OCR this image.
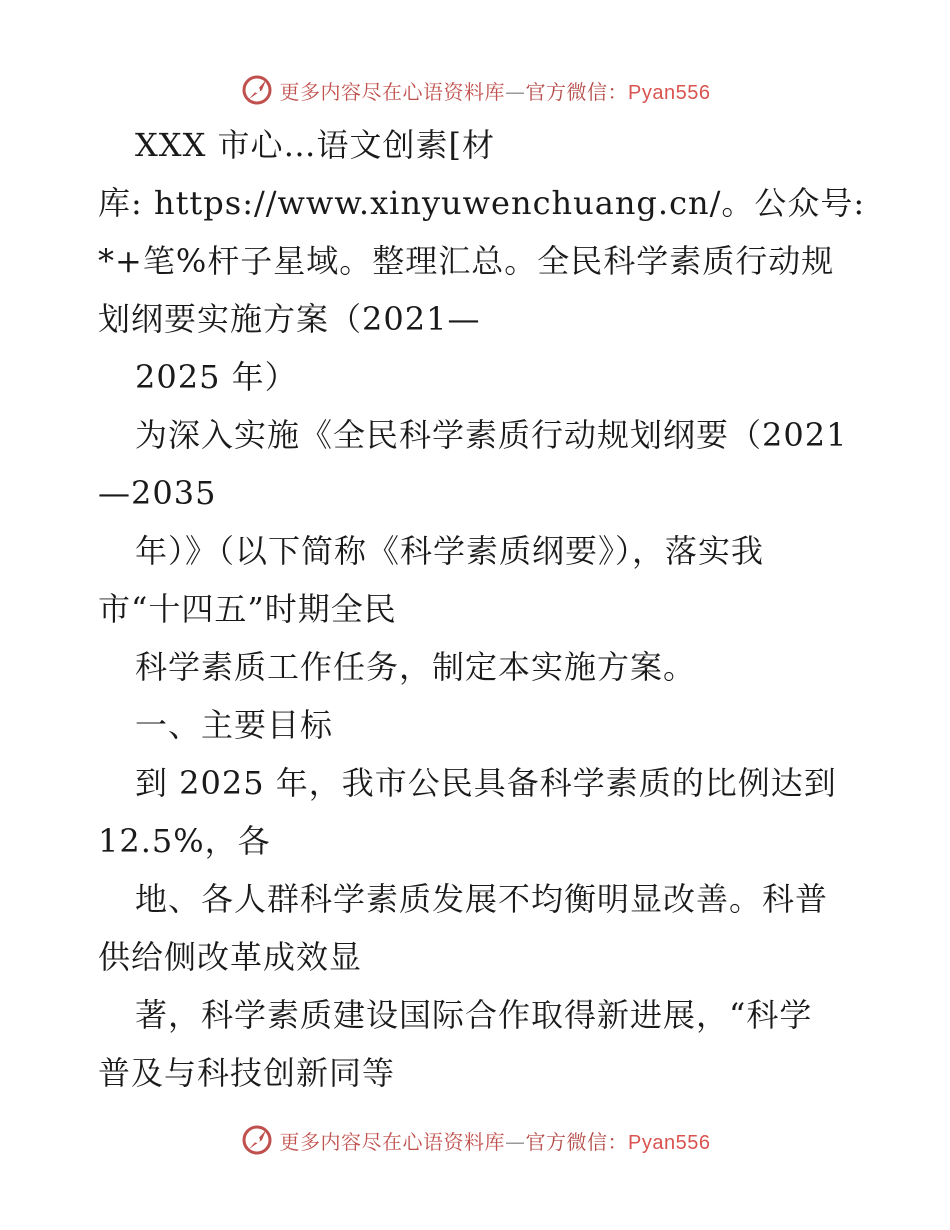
更多内容尽在心语资料库—官方微信：Pyan556

XXX 市心…语文创素[材

库: https://www.xinyuwenchuang.cn/。公众号:

*+笔%杆子星域。整理汇总。全民科学素质行动规

划纲要实施方案（2021—

2025 年）

为深入实施《全民科学素质行动规划纲要（2021

—2035

年）》（以下简称《科学素质纲要》），落实我

市“十四五”时期全民

科学素质工作任务，制定本实施方案。

一、主要目标

到 2025 年，我市公民具备科学素质的比例达到

12.5%，各

地、各人群科学素质发展不均衡明显改善。科普

供给侧改革成效显

著，科学素质建设国际合作取得新进展，“科学

普及与科技创新同等

更多内容尽在心语资料库—官方微信：Pyan556
